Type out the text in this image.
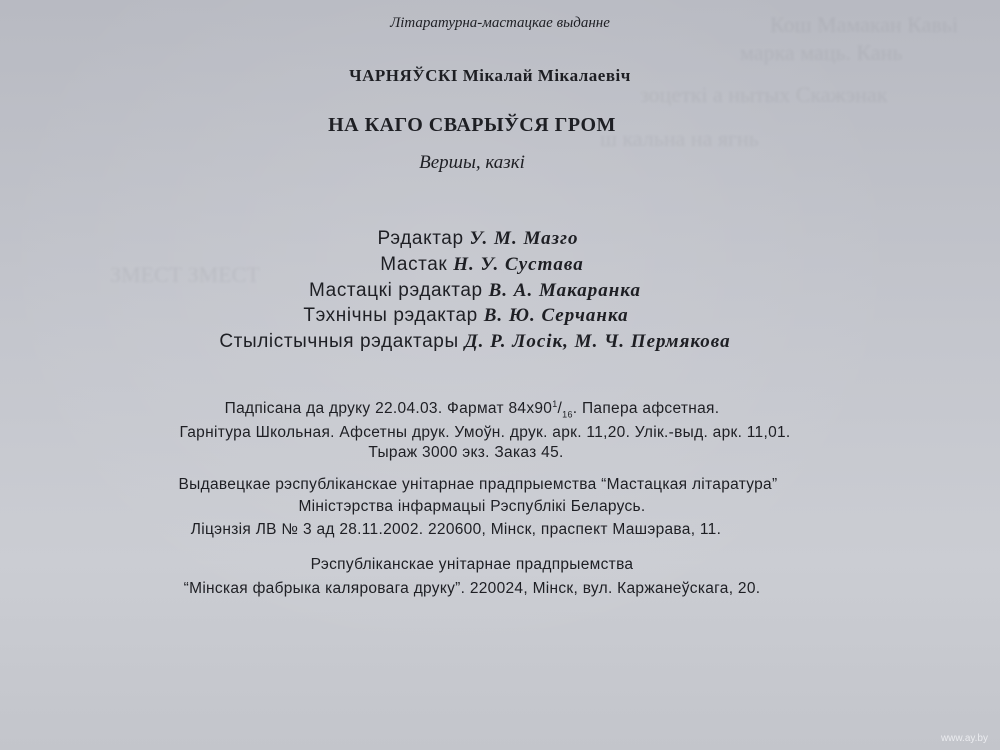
Кош Мамакан Кавьі
марка маць. Кань
зоцеткі а нытых Скажэнак
ш кальна на ягнь
ЗМЕСТ ЗМЕСТ
Літаратурна-мастацкае выданне
ЧАРНЯЎСКІ Мікалай Мікалаевіч
НА КАГО СВАРЫЎСЯ ГРОМ
Вершы, казкі
Рэдактар У. М. Мазго
Мастак Н. У. Сустава
Мастацкі рэдактар В. А. Макаранка
Тэхнічны рэдактар В. Ю. Серчанка
Стылістычныя рэдактары Д. Р. Лосік, М. Ч. Пермякова
Падпісана да друку 22.04.03. Фармат $84х90^1/_{16}$. Папера афсетная.
Гарнітура Школьная. Афсетны друк. Умоўн. друк. арк. 11,20. Улік.-выд. арк. 11,01.
Тыраж 3000 экз. Заказ 45.
Выдавецкае рэспубліканскае унітарнае прадпрыемства “Мастацкая літаратура”
Міністэрства інфармацыі Рэспублікі Беларусь.
Ліцэнзія ЛВ № 3 ад 28.11.2002. 220600, Мінск, праспект Машэрава, 11.
Рэспубліканскае унітарнае прадпрыемства
“Мінская фабрыка каляровага друку”. 220024, Мінск, вул. Каржанеўскага, 20.
www.ay.by
